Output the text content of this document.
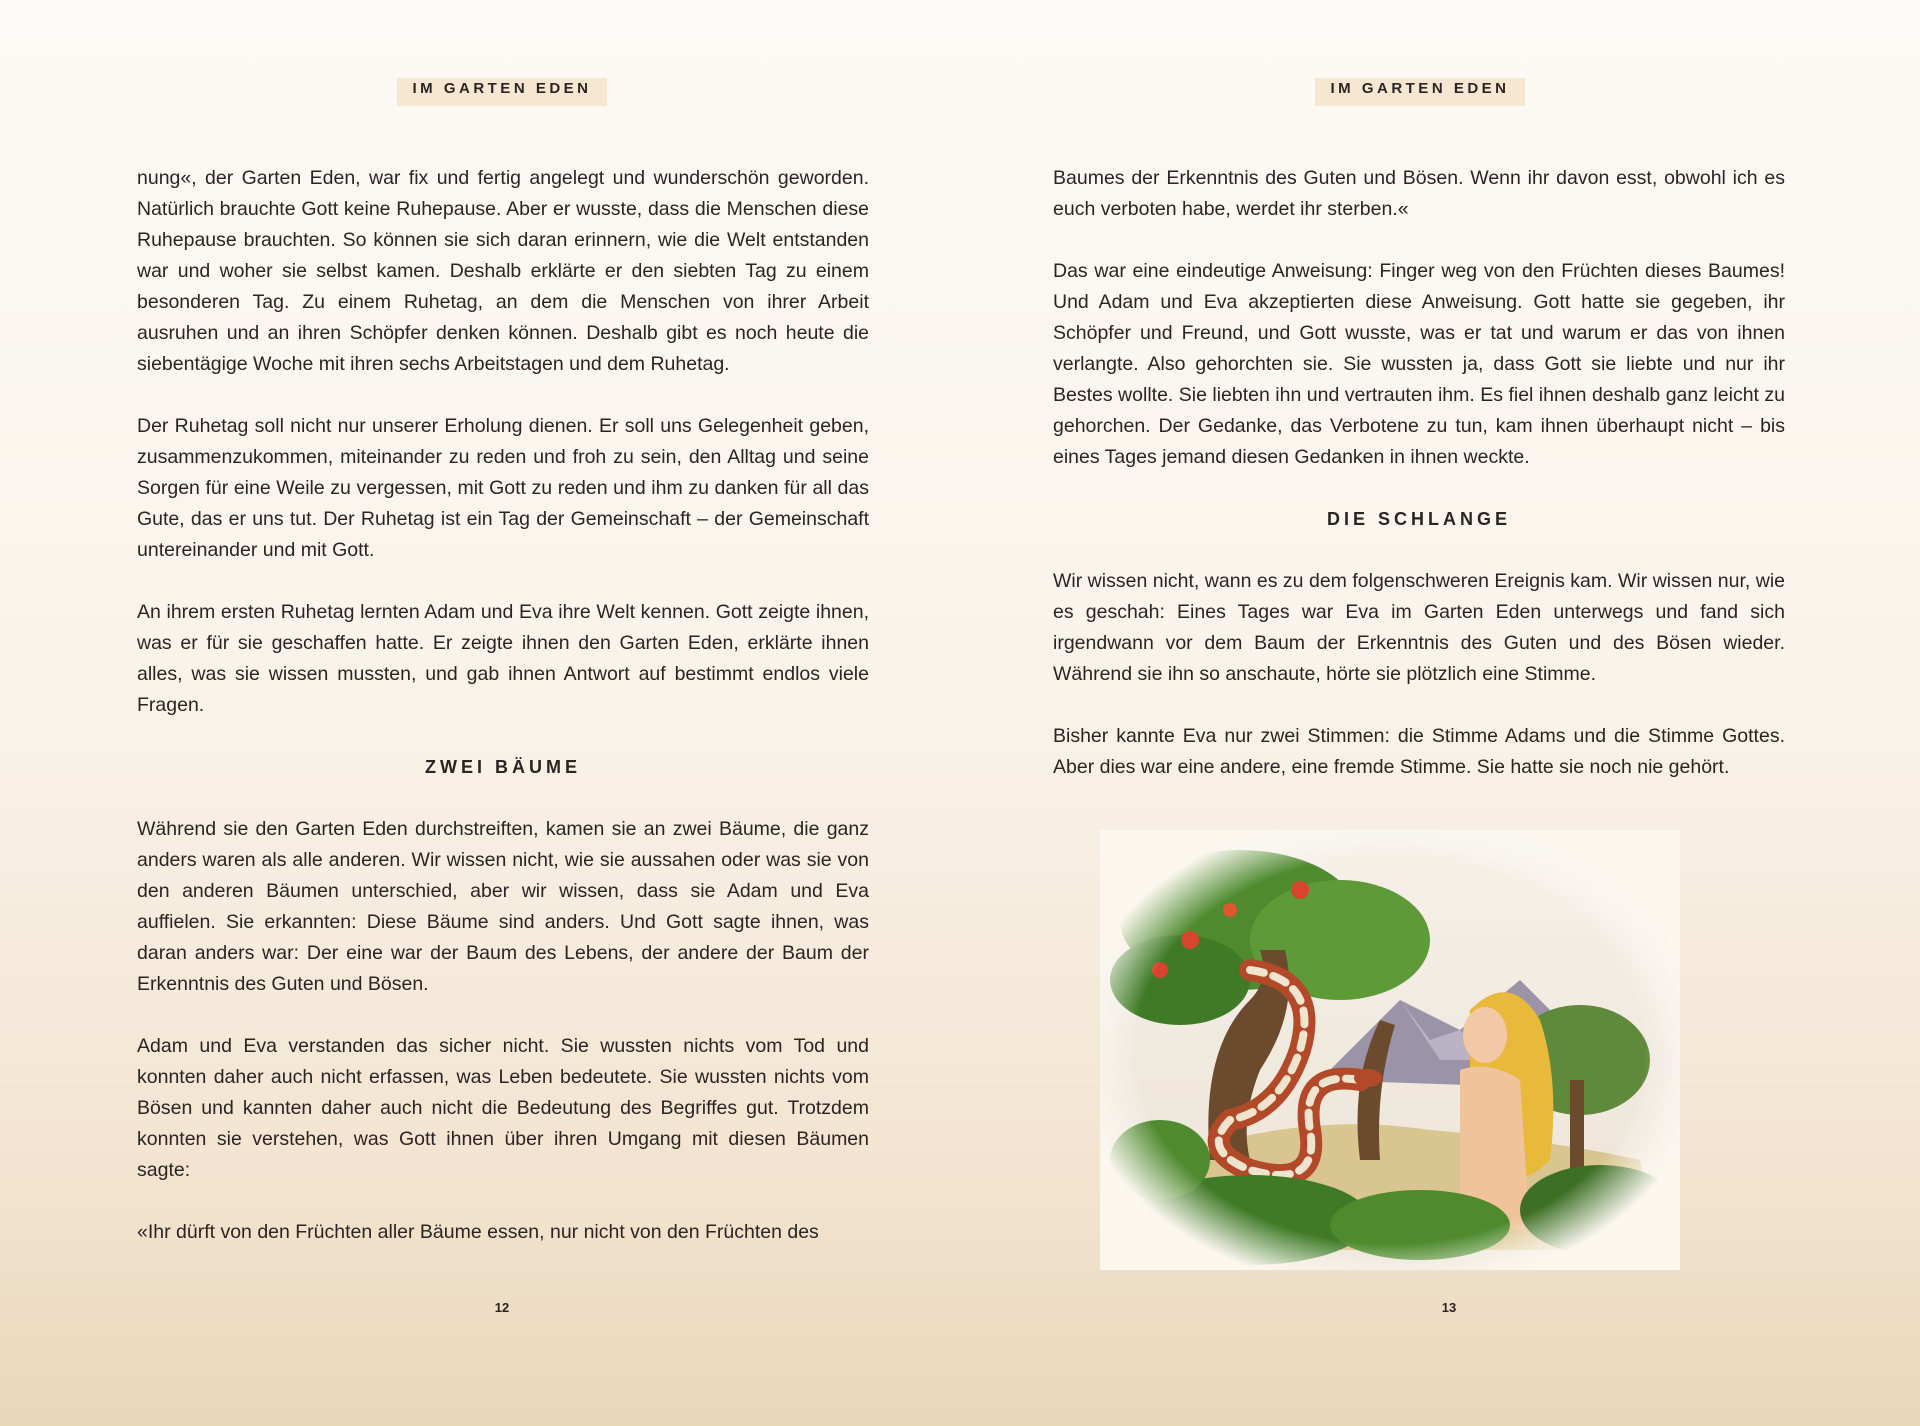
IM GARTEN EDEN

nung«, der Garten Eden, war fix und fertig angelegt und wunderschön geworden. Natürlich brauchte Gott keine Ruhepause. Aber er wusste, dass die Menschen diese Ruhepause brauchten. So können sie sich daran erinnern, wie die Welt entstanden war und woher sie selbst kamen. Deshalb erklärte er den siebten Tag zu einem besonderen Tag. Zu einem Ruhetag, an dem die Menschen von ihrer Arbeit ausruhen und an ihren Schöpfer denken können. Deshalb gibt es noch heute die siebentägige Woche mit ihren sechs Arbeitstagen und dem Ruhetag.

Der Ruhetag soll nicht nur unserer Erholung dienen. Er soll uns Gelegenheit geben, zusammenzukommen, miteinander zu reden und froh zu sein, den Alltag und seine Sorgen für eine Weile zu vergessen, mit Gott zu reden und ihm zu danken für all das Gute, das er uns tut. Der Ruhetag ist ein Tag der Gemeinschaft – der Gemeinschaft untereinander und mit Gott.

An ihrem ersten Ruhetag lernten Adam und Eva ihre Welt kennen. Gott zeigte ihnen, was er für sie geschaffen hatte. Er zeigte ihnen den Garten Eden, erklärte ihnen alles, was sie wissen mussten, und gab ihnen Antwort auf bestimmt endlos viele Fragen.

ZWEI BÄUME

Während sie den Garten Eden durchstreiften, kamen sie an zwei Bäume, die ganz anders waren als alle anderen. Wir wissen nicht, wie sie aussahen oder was sie von den anderen Bäumen unterschied, aber wir wissen, dass sie Adam und Eva auffielen. Sie erkannten: Diese Bäume sind anders. Und Gott sagte ihnen, was daran anders war: Der eine war der Baum des Lebens, der andere der Baum der Erkenntnis des Guten und Bösen.

Adam und Eva verstanden das sicher nicht. Sie wussten nichts vom Tod und konnten daher auch nicht erfassen, was Leben bedeutete. Sie wussten nichts vom Bösen und kannten daher auch nicht die Bedeutung des Begriffes gut. Trotzdem konnten sie verstehen, was Gott ihnen über ihren Umgang mit diesen Bäumen sagte:

«Ihr dürft von den Früchten aller Bäume essen, nur nicht von den Früchten des

12
IM GARTEN EDEN

Baumes der Erkenntnis des Guten und Bösen. Wenn ihr davon esst, obwohl ich es euch verboten habe, werdet ihr sterben.«

Das war eine eindeutige Anweisung: Finger weg von den Früchten dieses Baumes! Und Adam und Eva akzeptierten diese Anweisung. Gott hatte sie gegeben, ihr Schöpfer und Freund, und Gott wusste, was er tat und warum er das von ihnen verlangte. Also gehorchten sie. Sie wussten ja, dass Gott sie liebte und nur ihr Bestes wollte. Sie liebten ihn und vertrauten ihm. Es fiel ihnen deshalb ganz leicht zu gehorchen. Der Gedanke, das Verbotene zu tun, kam ihnen überhaupt nicht – bis eines Tages jemand diesen Gedanken in ihnen weckte.

DIE SCHLANGE

Wir wissen nicht, wann es zu dem folgenschweren Ereignis kam. Wir wissen nur, wie es geschah: Eines Tages war Eva im Garten Eden unterwegs und fand sich irgendwann vor dem Baum der Erkenntnis des Guten und des Bösen wieder. Während sie ihn so anschaute, hörte sie plötzlich eine Stimme.

Bisher kannte Eva nur zwei Stimmen: die Stimme Adams und die Stimme Gottes. Aber dies war eine andere, eine fremde Stimme. Sie hatte sie noch nie gehört.

13
